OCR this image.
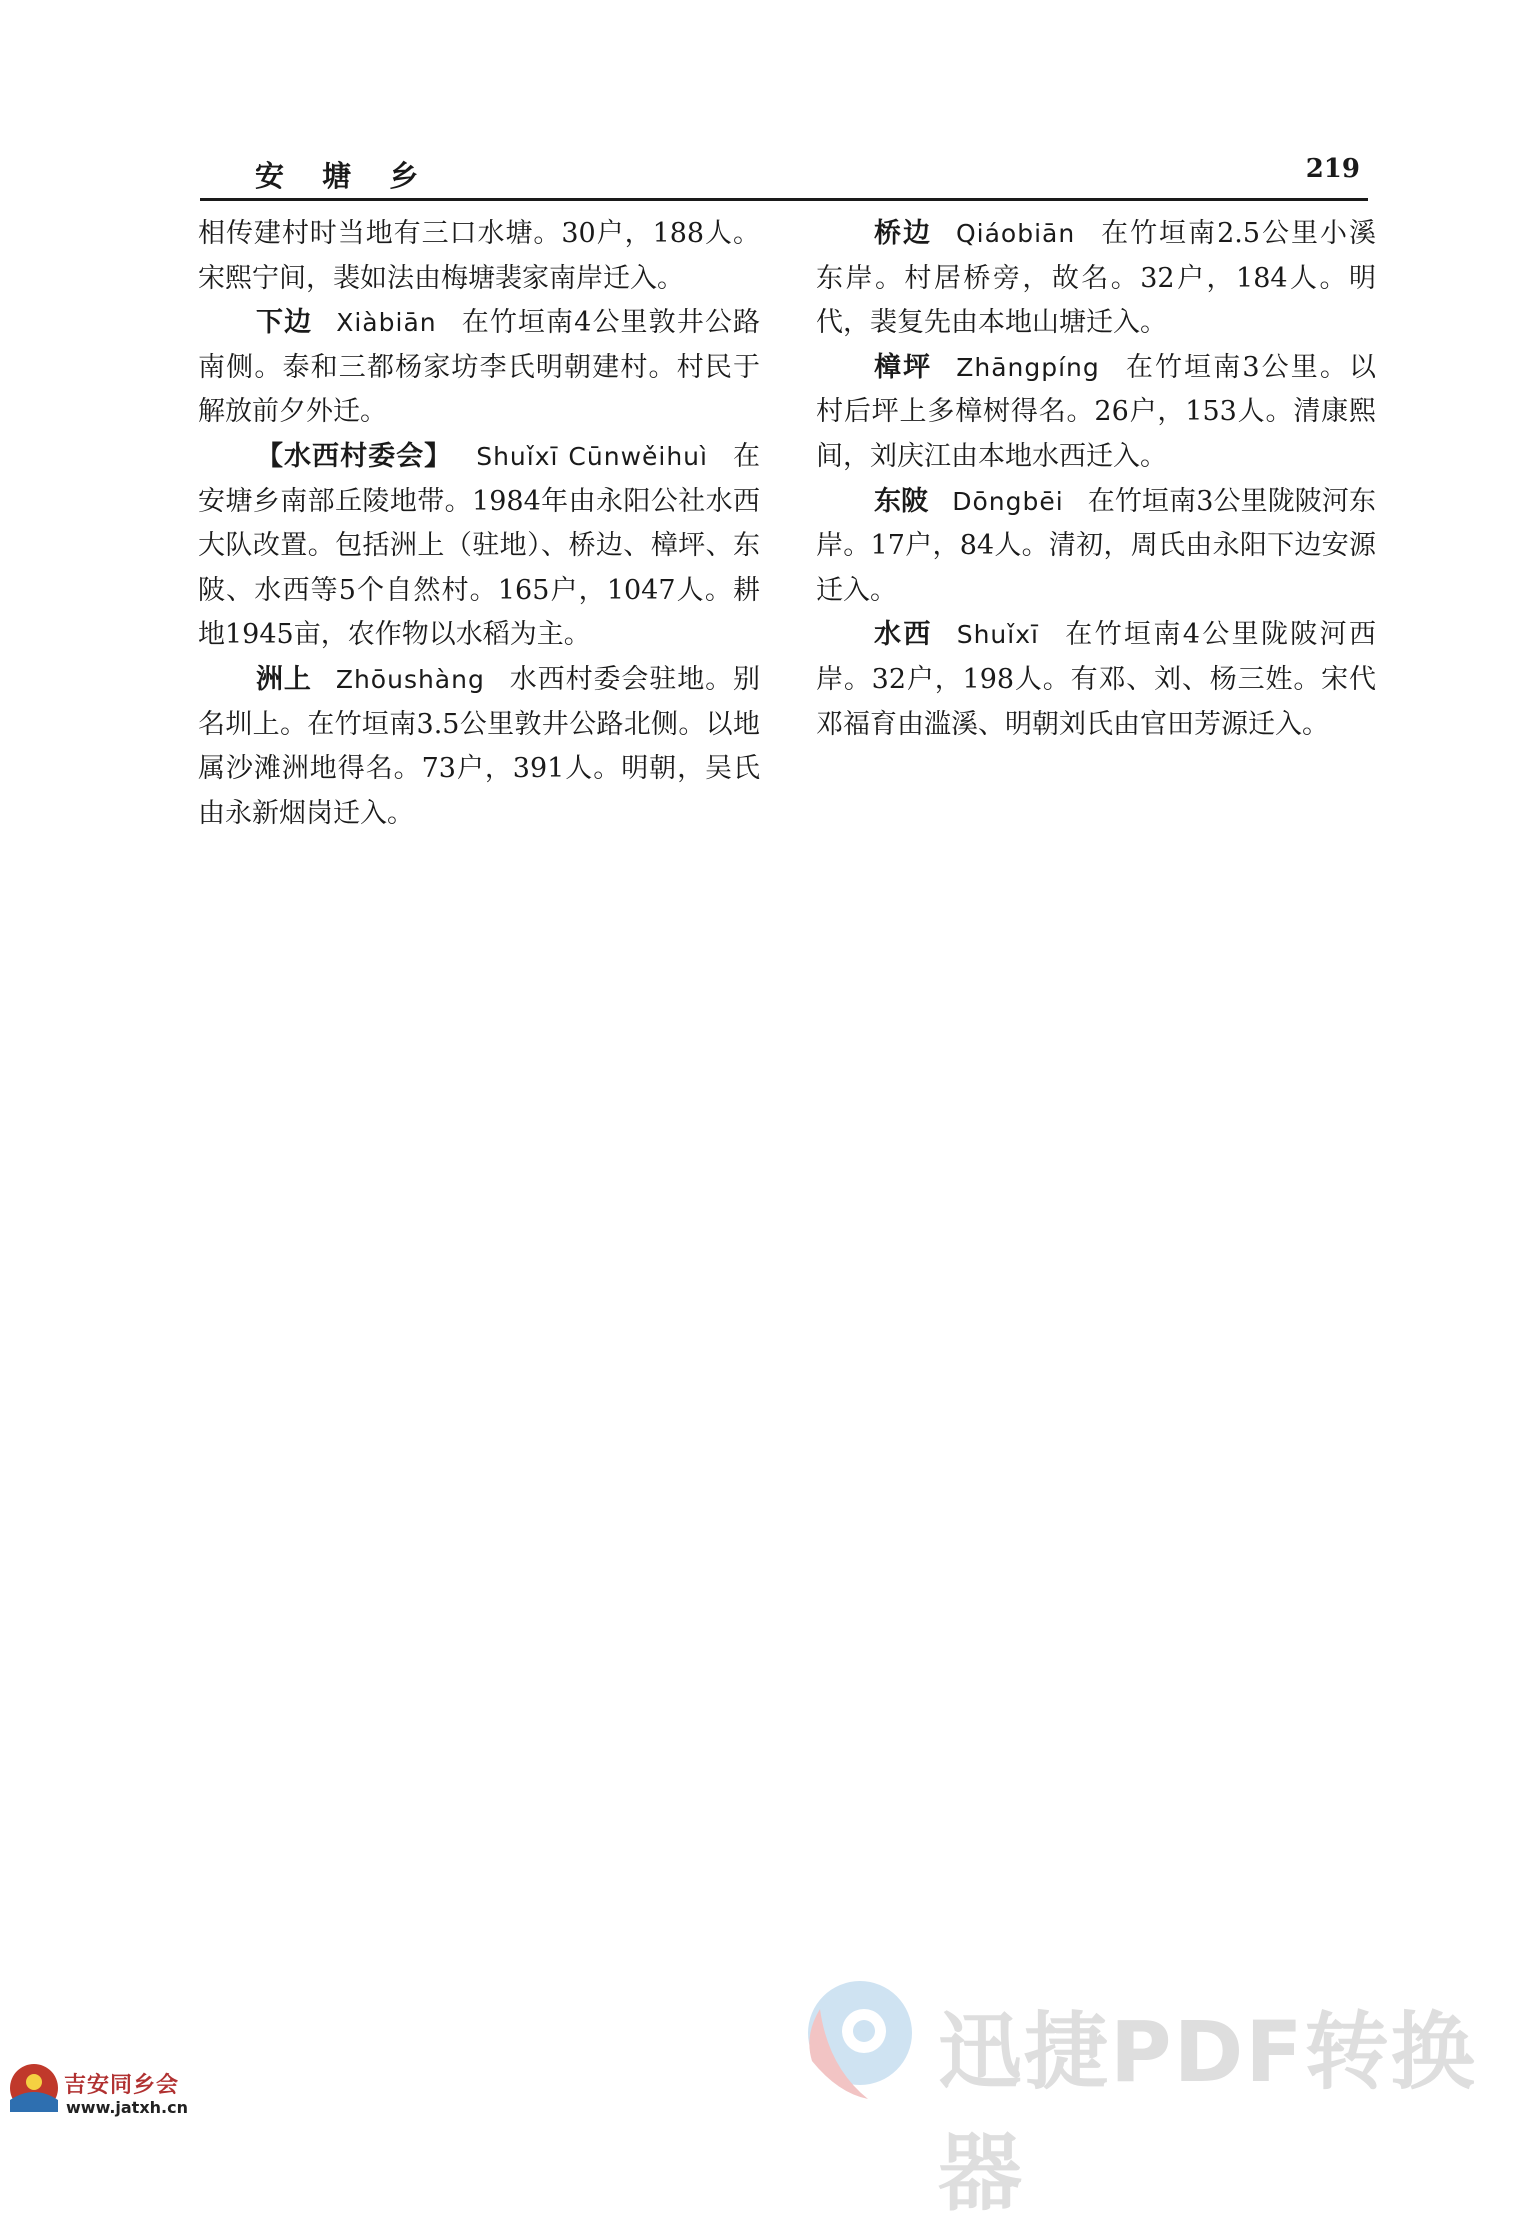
安 塘 乡	219

相传建村时当地有三口水塘。30户，188人。宋熙宁间，裴如法由梅塘裴家南岸迁入。

下边 Xiàbiān 在竹垣南4公里敦井公路南侧。泰和三都杨家坊李氏明朝建村。村民于解放前夕外迁。

【水西村委会】 Shuǐxī Cūnwěihuì 在安塘乡南部丘陵地带。1984年由永阳公社水西大队改置。包括洲上（驻地）、桥边、樟坪、东陂、水西等5个自然村。165户，1047人。耕地1945亩，农作物以水稻为主。

洲上 Zhōushàng 水西村委会驻地。别名圳上。在竹垣南3.5公里敦井公路北侧。以地属沙滩洲地得名。73户，391人。明朝，吴氏由永新烟岗迁入。

桥边 Qiáobiān 在竹垣南2.5公里小溪东岸。村居桥旁，故名。32户，184人。明代，裴复先由本地山塘迁入。

樟坪 Zhāngpíng 在竹垣南3公里。以村后坪上多樟树得名。26户，153人。清康熙间，刘庆江由本地水西迁入。

东陂 Dōngbēi 在竹垣南3公里陇陂河东岸。17户，84人。清初，周氏由永阳下边安源迁入。

水西 Shuǐxī 在竹垣南4公里陇陂河西岸。32户，198人。有邓、刘、杨三姓。宋代邓福育由滥溪、明朝刘氏由官田芳源迁入。

迅捷PDF转换器
吉安同乡会
www.jatxh.cn
